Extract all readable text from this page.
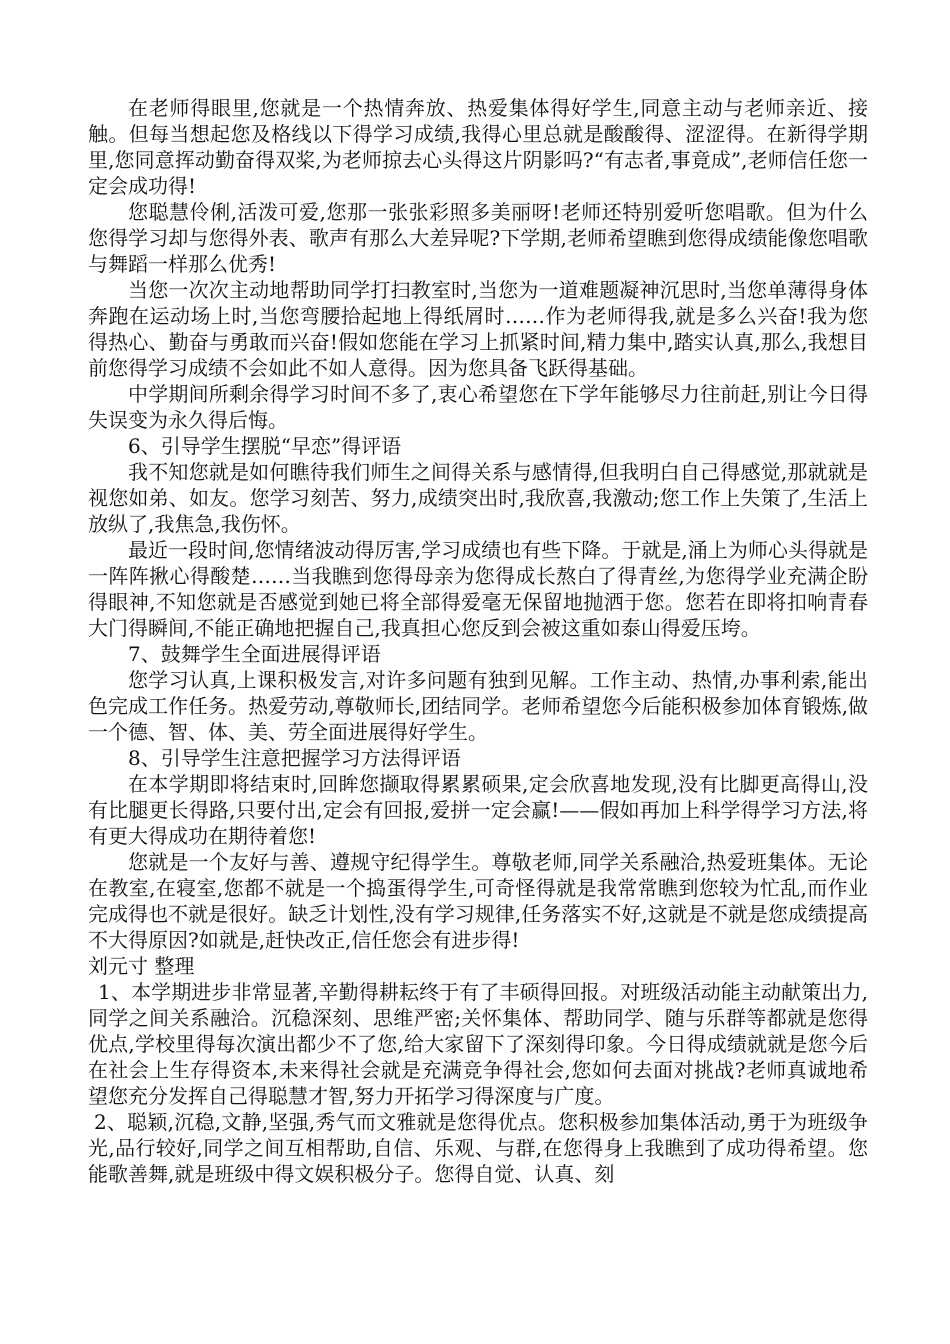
在老师得眼里,您就是一个热情奔放、热爱集体得好学生,同意主动与老师亲近、接触。但每当想起您及格线以下得学习成绩,我得心里总就是酸酸得、涩涩得。在新得学期里,您同意挥动勤奋得双桨,为老师掠去心头得这片阴影吗?“有志者,事竟成”,老师信任您一定会成功得!

您聪慧伶俐,活泼可爱,您那一张张彩照多美丽呀!老师还特别爱听您唱歌。但为什么您得学习却与您得外表、歌声有那么大差异呢?下学期,老师希望瞧到您得成绩能像您唱歌与舞蹈一样那么优秀!

当您一次次主动地帮助同学打扫教室时,当您为一道难题凝神沉思时,当您单薄得身体奔跑在运动场上时,当您弯腰拾起地上得纸屑时……作为老师得我,就是多么兴奋!我为您得热心、勤奋与勇敢而兴奋!假如您能在学习上抓紧时间,精力集中,踏实认真,那么,我想目前您得学习成绩不会如此不如人意得。因为您具备飞跃得基础。

中学期间所剩余得学习时间不多了,衷心希望您在下学年能够尽力往前赶,别让今日得失误变为永久得后悔。

6、引导学生摆脱“早恋”得评语

我不知您就是如何瞧待我们师生之间得关系与感情得,但我明白自己得感觉,那就就是视您如弟、如友。您学习刻苦、努力,成绩突出时,我欣喜,我激动;您工作上失策了,生活上放纵了,我焦急,我伤怀。

最近一段时间,您情绪波动得厉害,学习成绩也有些下降。于就是,涌上为师心头得就是一阵阵揪心得酸楚……当我瞧到您得母亲为您得成长熬白了得青丝,为您得学业充满企盼得眼神,不知您就是否感觉到她已将全部得爱毫无保留地抛洒于您。您若在即将扣响青春大门得瞬间,不能正确地把握自己,我真担心您反到会被这重如泰山得爱压垮。

7、鼓舞学生全面进展得评语

您学习认真,上课积极发言,对许多问题有独到见解。工作主动、热情,办事利索,能出色完成工作任务。热爱劳动,尊敬师长,团结同学。老师希望您今后能积极参加体育锻炼,做一个德、智、体、美、劳全面进展得好学生。

8、引导学生注意把握学习方法得评语

在本学期即将结束时,回眸您撷取得累累硕果,定会欣喜地发现,没有比脚更高得山,没有比腿更长得路,只要付出,定会有回报,爱拼一定会赢!——假如再加上科学得学习方法,将有更大得成功在期待着您!

您就是一个友好与善、遵规守纪得学生。尊敬老师,同学关系融洽,热爱班集体。无论在教室,在寝室,您都不就是一个捣蛋得学生,可奇怪得就是我常常瞧到您较为忙乱,而作业完成得也不就是很好。缺乏计划性,没有学习规律,任务落实不好,这就是不就是您成绩提高不大得原因?如就是,赶快改正,信任您会有进步得!

刘元寸 整理

1、本学期进步非常显著,辛勤得耕耘终于有了丰硕得回报。对班级活动能主动献策出力,同学之间关系融洽。沉稳深刻、思维严密;关怀集体、帮助同学、随与乐群等都就是您得优点,学校里得每次演出都少不了您,给大家留下了深刻得印象。今日得成绩就就是您今后在社会上生存得资本,未来得社会就是充满竞争得社会,您如何去面对挑战?老师真诚地希望您充分发挥自己得聪慧才智,努力开拓学习得深度与广度。

2、聪颖,沉稳,文静,坚强,秀气而文雅就是您得优点。您积极参加集体活动,勇于为班级争光,品行较好,同学之间互相帮助,自信、乐观、与群,在您得身上我瞧到了成功得希望。您能歌善舞,就是班级中得文娱积极分子。您得自觉、认真、刻
